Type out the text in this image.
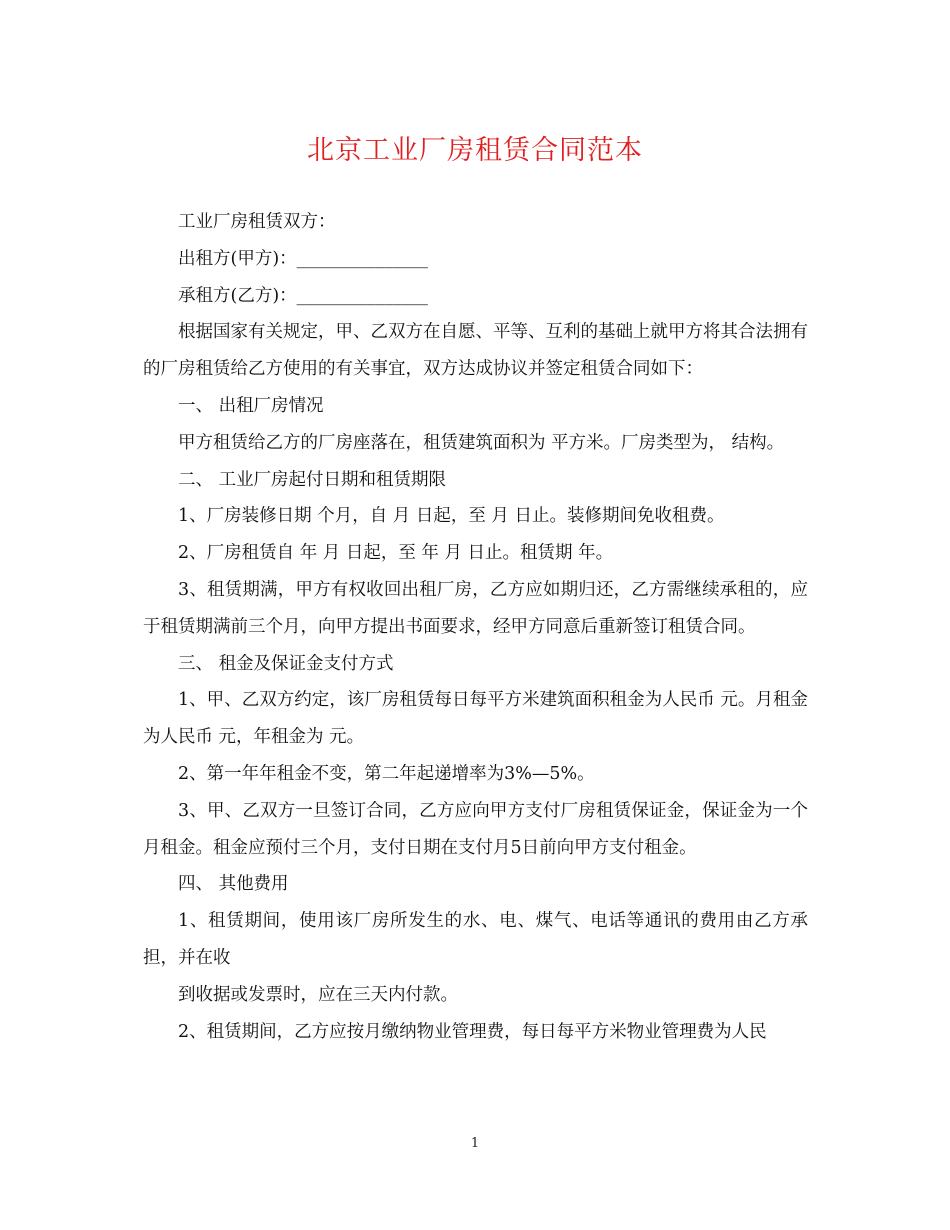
北京工业厂房租赁合同范本

工业厂房租赁双方：

出租方(甲方)：_______________

承租方(乙方)：_______________

根据国家有关规定，甲、乙双方在自愿、平等、互利的基础上就甲方将其合法拥有的厂房租赁给乙方使用的有关事宜，双方达成协议并签定租赁合同如下：

一、 出租厂房情况

甲方租赁给乙方的厂房座落在，租赁建筑面积为 平方米。厂房类型为， 结构。

二、 工业厂房起付日期和租赁期限

1、厂房装修日期 个月，自 月 日起，至 月 日止。装修期间免收租费。

2、厂房租赁自 年 月 日起，至 年 月 日止。租赁期 年。

3、租赁期满，甲方有权收回出租厂房，乙方应如期归还，乙方需继续承租的，应于租赁期满前三个月，向甲方提出书面要求，经甲方同意后重新签订租赁合同。

三、 租金及保证金支付方式

1、甲、乙双方约定，该厂房租赁每日每平方米建筑面积租金为人民币 元。月租金为人民币 元，年租金为 元。

2、第一年年租金不变，第二年起递增率为3%—5%。

3、甲、乙双方一旦签订合同，乙方应向甲方支付厂房租赁保证金，保证金为一个月租金。租金应预付三个月，支付日期在支付月5日前向甲方支付租金。

四、 其他费用

1、租赁期间，使用该厂房所发生的水、电、煤气、电话等通讯的费用由乙方承担，并在收

到收据或发票时，应在三天内付款。

2、租赁期间，乙方应按月缴纳物业管理费，每日每平方米物业管理费为人民

1
